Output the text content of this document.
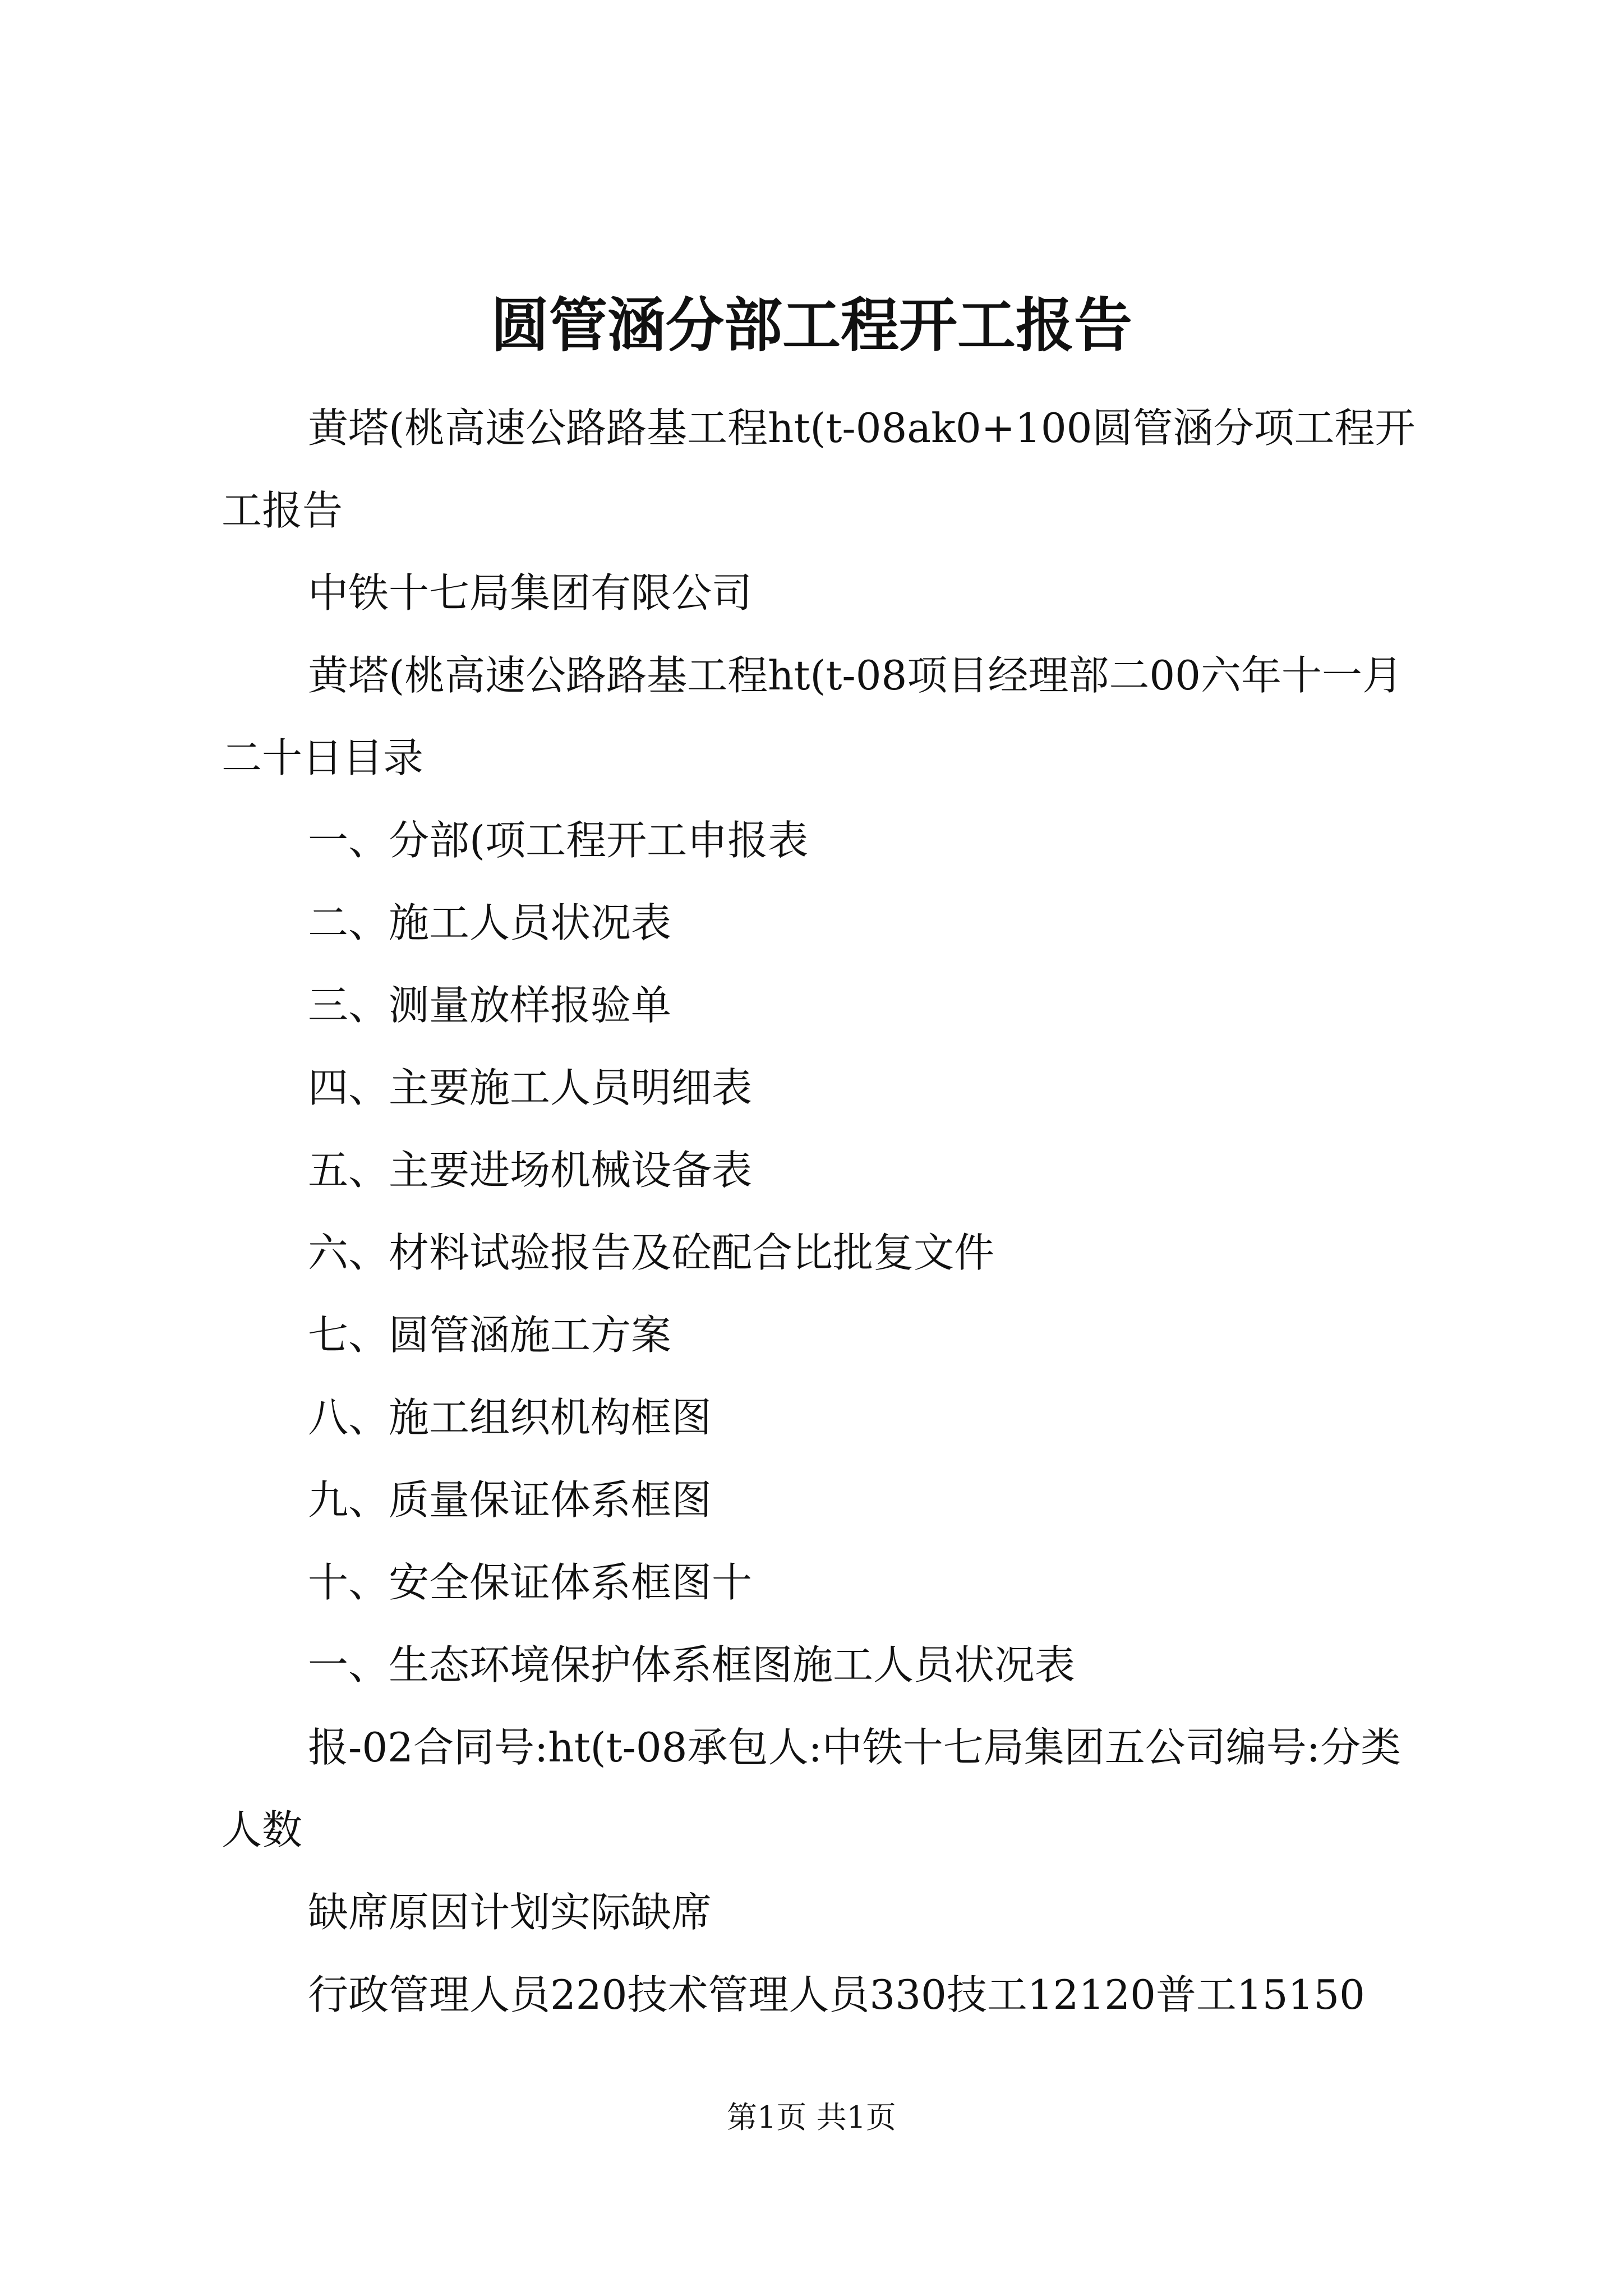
圆管涵分部工程开工报告

黄塔(桃高速公路路基工程ht(t-08ak0+100圆管涵分项工程开工报告

中铁十七局集团有限公司

黄塔(桃高速公路路基工程ht(t-08项目经理部二00六年十一月二十日目录

一、分部(项工程开工申报表

二、施工人员状况表

三、测量放样报验单

四、主要施工人员明细表

五、主要进场机械设备表

六、材料试验报告及砼配合比批复文件

七、圆管涵施工方案

八、施工组织机构框图

九、质量保证体系框图

十、安全保证体系框图十

一、生态环境保护体系框图施工人员状况表

报-02合同号:ht(t-08承包人:中铁十七局集团五公司编号:分类人数

缺席原因计划实际缺席

行政管理人员220技术管理人员330技工12120普工15150

第1页 共1页
